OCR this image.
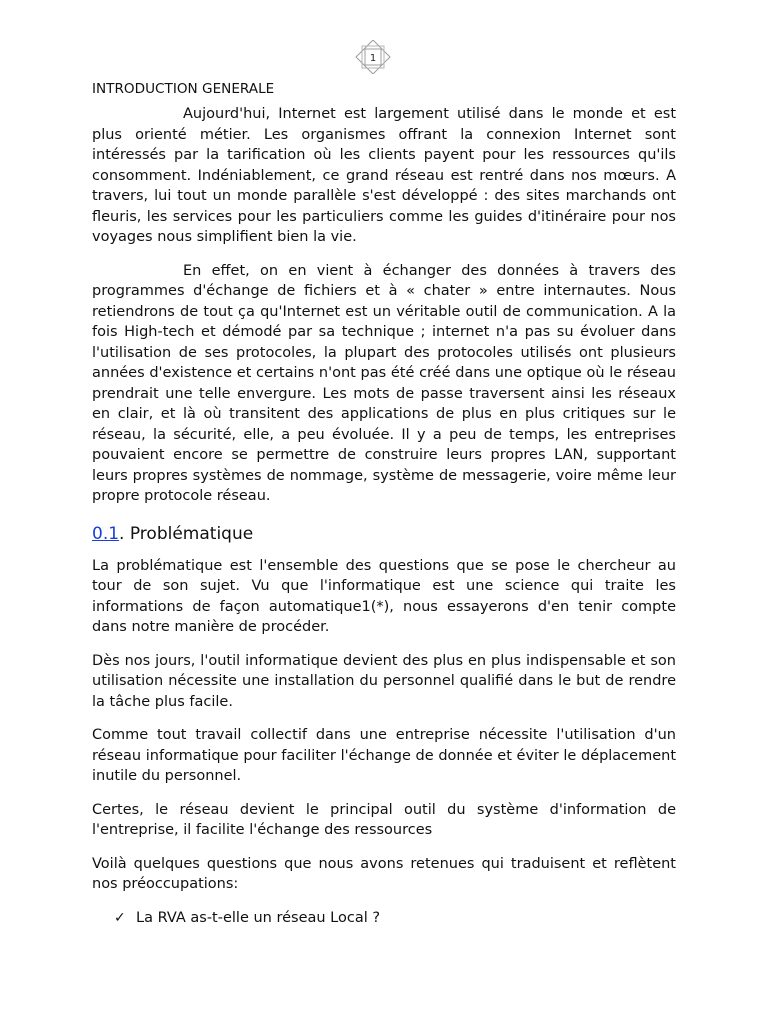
1
INTRODUCTION GENERALE

Aujourd'hui, Internet est largement utilisé dans le monde et est plus orienté métier. Les organismes offrant la connexion Internet sont intéressés par la tarification où les clients payent pour les ressources qu'ils consomment. Indéniablement, ce grand réseau est rentré dans nos mœurs. A travers, lui tout un monde parallèle s'est développé : des sites marchands ont fleuris, les services pour les particuliers comme les guides d'itinéraire pour nos voyages nous simplifient bien la vie.

En effet, on en vient à échanger des données à travers des programmes d'échange de fichiers et à « chater » entre internautes. Nous retiendrons de tout ça qu'Internet est un véritable outil de communication. A la fois High-tech et démodé par sa technique ; internet n'a pas su évoluer dans l'utilisation de ses protocoles, la plupart des protocoles utilisés ont plusieurs années d'existence et certains n'ont pas été créé dans une optique où le réseau prendrait une telle envergure. Les mots de passe traversent ainsi les réseaux en clair, et là où transitent des applications de plus en plus critiques sur le réseau, la sécurité, elle, a peu évoluée. Il y a peu de temps, les entreprises pouvaient encore se permettre de construire leurs propres LAN, supportant leurs propres systèmes de nommage, système de messagerie, voire même leur propre protocole réseau.

0.1. Problématique

La problématique est l'ensemble des questions que se pose le chercheur au tour de son sujet. Vu que l'informatique est une science qui traite les informations de façon automatique1(*), nous essayerons d'en tenir compte dans notre manière de procéder.

Dès nos jours, l'outil informatique devient des plus en plus indispensable et son utilisation nécessite une installation du personnel qualifié dans le but de rendre la tâche plus facile.

Comme tout travail collectif dans une entreprise nécessite l'utilisation d'un réseau informatique pour faciliter l'échange de donnée et éviter le déplacement inutile du personnel.

Certes, le réseau devient le principal outil du système d'information de l'entreprise, il facilite l'échange des ressources

Voilà quelques questions que nous avons retenues qui traduisent et reflètent nos préoccupations:

✓ La RVA as-t-elle un réseau Local ?
